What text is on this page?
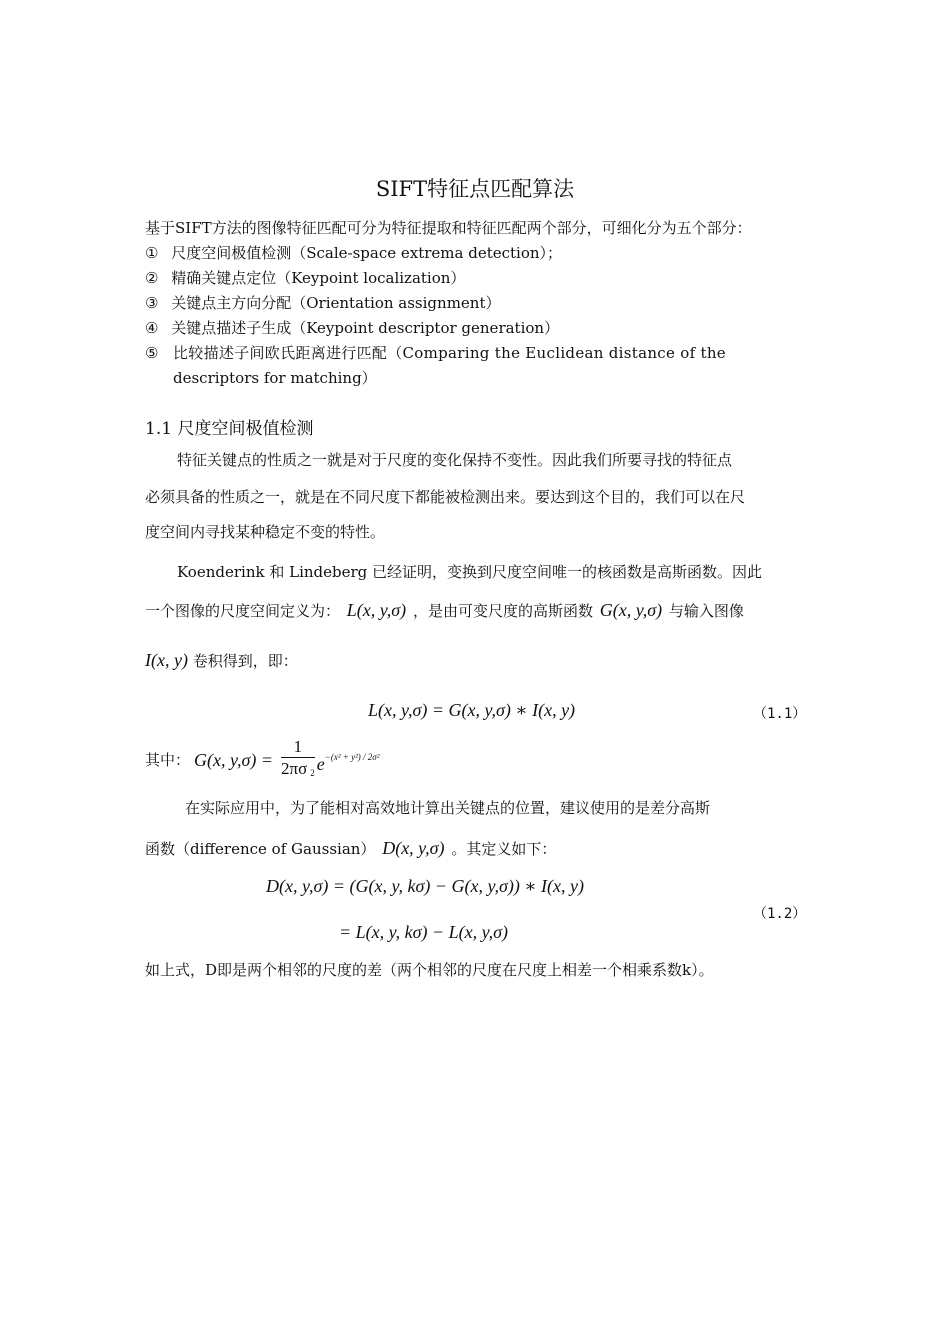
SIFT特征点匹配算法
基于SIFT方法的图像特征匹配可分为特征提取和特征匹配两个部分，可细化分为五个部分：
① 尺度空间极值检测（Scale-space extrema detection）；
② 精确关键点定位（Keypoint localization）
③ 关键点主方向分配（Orientation assignment）
④ 关键点描述子生成（Keypoint descriptor generation）
⑤ 比较描述子间欧氏距离进行匹配（Comparing the Euclidean distance of the
descriptors for matching）
1.1 尺度空间极值检测
特征关键点的性质之一就是对于尺度的变化保持不变性。因此我们所要寻找的特征点
必须具备的性质之一，就是在不同尺度下都能被检测出来。要达到这个目的，我们可以在尺
度空间内寻找某种稳定不变的特性。
Koenderink 和 Lindeberg 已经证明，变换到尺度空间唯一的核函数是高斯函数。因此
一个图像的尺度空间定义为： L(x, y,σ) ，是由可变尺度的高斯函数 G(x, y,σ) 与输入图像
I(x, y) 卷积得到，即：
L(x, y,σ) = G(x, y,σ) ∗ I(x, y)	（1.1）
其中： G(x, $y,\sigma) = \frac{1}{2\pi\sigma 2} e^{-(x^2 + y^2) / 2\sigma^2}$
在实际应用中，为了能相对高效地计算出关键点的位置，建议使用的是差分高斯
函数（difference of Gaussian） D(x, y,σ) 。其定义如下：
D(x, y,σ) = (G(x, y, kσ) − G(x, y,σ)) ∗ I(x, y)
= L(x, y, kσ) − L(x, y,σ)
（1.2）
如上式，D即是两个相邻的尺度的差（两个相邻的尺度在尺度上相差一个相乘系数k）。
